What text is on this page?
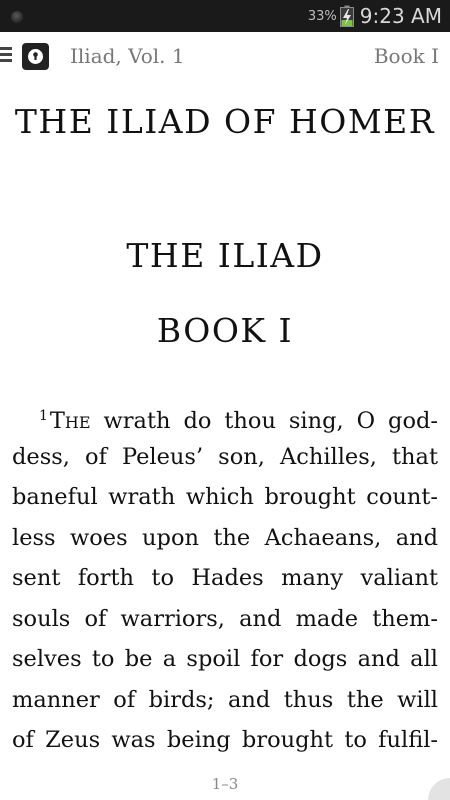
33% 9:23 AM
Iliad, Vol. 1	Book I
THE ILIAD OF HOMER
THE ILIAD
BOOK I
$^1$The wrath do thou sing, O god-
dess, of Peleus’ son, Achilles, that
baneful wrath which brought count-
less woes upon the Achaeans, and
sent forth to Hades many valiant
souls of warriors, and made them-
selves to be a spoil for dogs and all
manner of birds; and thus the will
of Zeus was being brought to fulfil-
1–3
